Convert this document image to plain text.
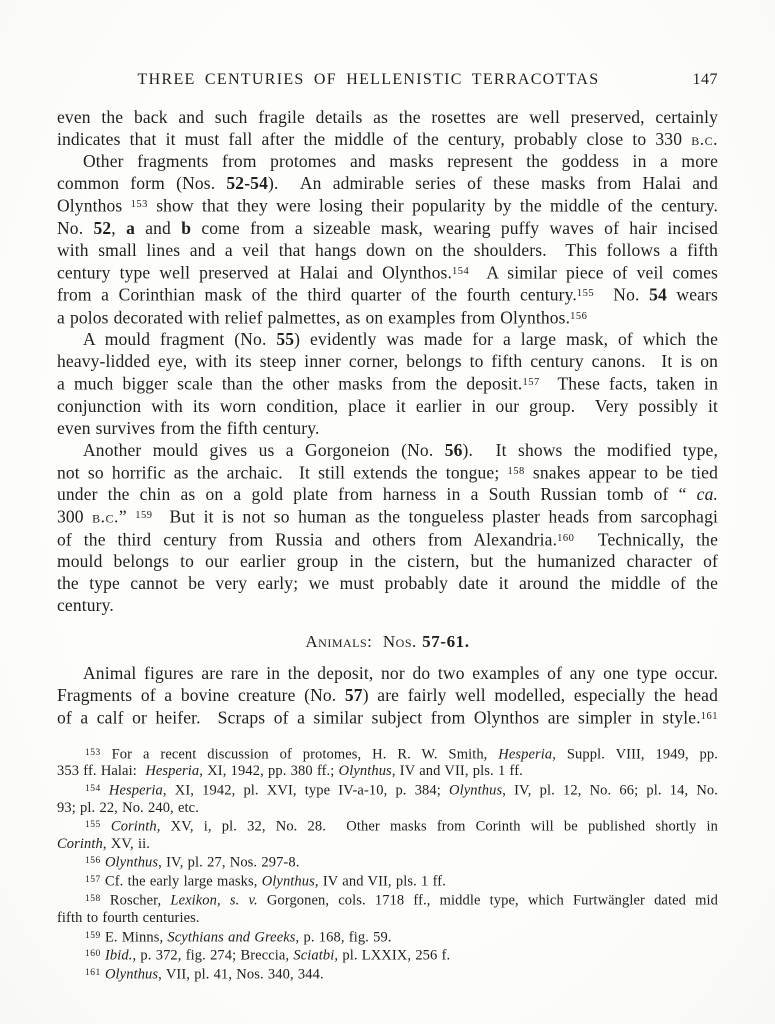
THREE CENTURIES OF HELLENISTIC TERRACOTTAS	147
even the back and such fragile details as the rosettes are well preserved, certainly
indicates that it must fall after the middle of the century, probably close to 330 b.c.
Other fragments from protomes and masks represent the goddess in a more
common form (Nos. 52-54).  An admirable series of these masks from Halai and
Olynthos $^{153}$ show that they were losing their popularity by the middle of the century.
No. 52, a and b come from a sizeable mask, wearing puffy waves of hair incised
with small lines and a veil that hangs down on the shoulders.  This follows a fifth
century type well preserved at Halai and Olynthos.$^{154}$  A similar piece of veil comes
from a Corinthian mask of the third quarter of the fourth century.$^{155}$  No. 54 wears
a polos decorated with relief palmettes, as on examples from Olynthos.$^{156}$
A mould fragment (No. 55) evidently was made for a large mask, of which the
heavy-lidded eye, with its steep inner corner, belongs to fifth century canons.  It is on
a much bigger scale than the other masks from the deposit.$^{157}$  These facts, taken in
conjunction with its worn condition, place it earlier in our group.  Very possibly it
even survives from the fifth century.
Another mould gives us a Gorgoneion (No. 56).  It shows the modified type,
not so horrific as the archaic.  It still extends the tongue; $^{158}$ snakes appear to be tied
under the chin as on a gold plate from harness in a South Russian tomb of “ ca.
300 b.c.” $^{159}$  But it is not so human as the tongueless plaster heads from sarcophagi
of the third century from Russia and others from Alexandria.$^{160}$  Technically, the
mould belongs to our earlier group in the cistern, but the humanized character of
the type cannot be very early; we must probably date it around the middle of the
century.
Animals:  Nos. 57-61.
Animal figures are rare in the deposit, nor do two examples of any one type occur.
Fragments of a bovine creature (No. 57) are fairly well modelled, especially the head
of a calf or heifer.  Scraps of a similar subject from Olynthos are simpler in style.$^{161}$
$^{153}$ For a recent discussion of protomes, H. R. W. Smith, Hesperia, Suppl. VIII, 1949, pp.
353 ff. Halai:  Hesperia, XI, 1942, pp. 380 ff.; Olynthus, IV and VII, pls. 1 ff.
$^{154}$ Hesperia, XI, 1942, pl. XVI, type IV-a-10, p. 384; Olynthus, IV, pl. 12, No. 66; pl. 14, No.
93; pl. 22, No. 240, etc.
$^{155}$ Corinth, XV, i, pl. 32, No. 28.  Other masks from Corinth will be published shortly in
Corinth, XV, ii.
$^{156}$ Olynthus, IV, pl. 27, Nos. 297-8.
$^{157}$ Cf. the early large masks, Olynthus, IV and VII, pls. 1 ff.
$^{158}$ Roscher, Lexikon, s. v. Gorgonen, cols. 1718 ff., middle type, which Furtwängler dated mid
fifth to fourth centuries.
$^{159}$ E. Minns, Scythians and Greeks, p. 168, fig. 59.
$^{160}$ Ibid., p. 372, fig. 274; Breccia, Sciatbi, pl. LXXIX, 256 f.
$^{161}$ Olynthus, VII, pl. 41, Nos. 340, 344.
